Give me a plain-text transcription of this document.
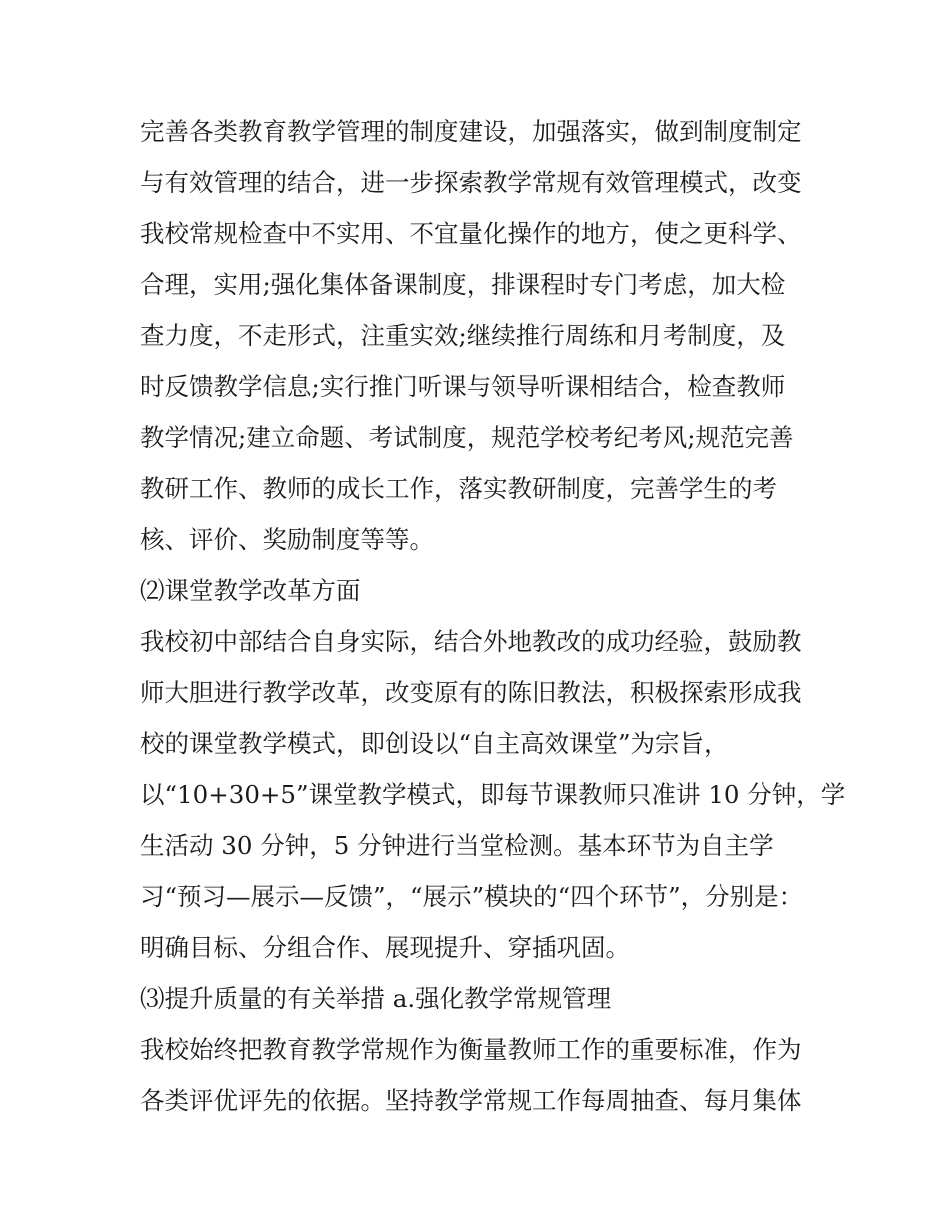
完善各类教育教学管理的制度建设，加强落实，做到制度制定
与有效管理的结合，进一步探索教学常规有效管理模式，改变
我校常规检查中不实用、不宜量化操作的地方，使之更科学、
合理，实用;强化集体备课制度，排课程时专门考虑，加大检
查力度，不走形式，注重实效;继续推行周练和月考制度，及
时反馈教学信息;实行推门听课与领导听课相结合，检查教师
教学情况;建立命题、考试制度，规范学校考纪考风;规范完善
教研工作、教师的成长工作，落实教研制度，完善学生的考
核、评价、奖励制度等等。
⑵课堂教学改革方面
我校初中部结合自身实际，结合外地教改的成功经验，鼓励教
师大胆进行教学改革，改变原有的陈旧教法，积极探索形成我
校的课堂教学模式，即创设以“自主高效课堂”为宗旨，
以“10+30+5”课堂教学模式，即每节课教师只准讲 10 分钟，学
生活动 30 分钟，5 分钟进行当堂检测。基本环节为自主学
习“预习—展示—反馈”，“展示”模块的“四个环节”，分别是：
明确目标、分组合作、展现提升、穿插巩固。
⑶提升质量的有关举措 a.强化教学常规管理
我校始终把教育教学常规作为衡量教师工作的重要标准，作为
各类评优评先的依据。坚持教学常规工作每周抽查、每月集体
